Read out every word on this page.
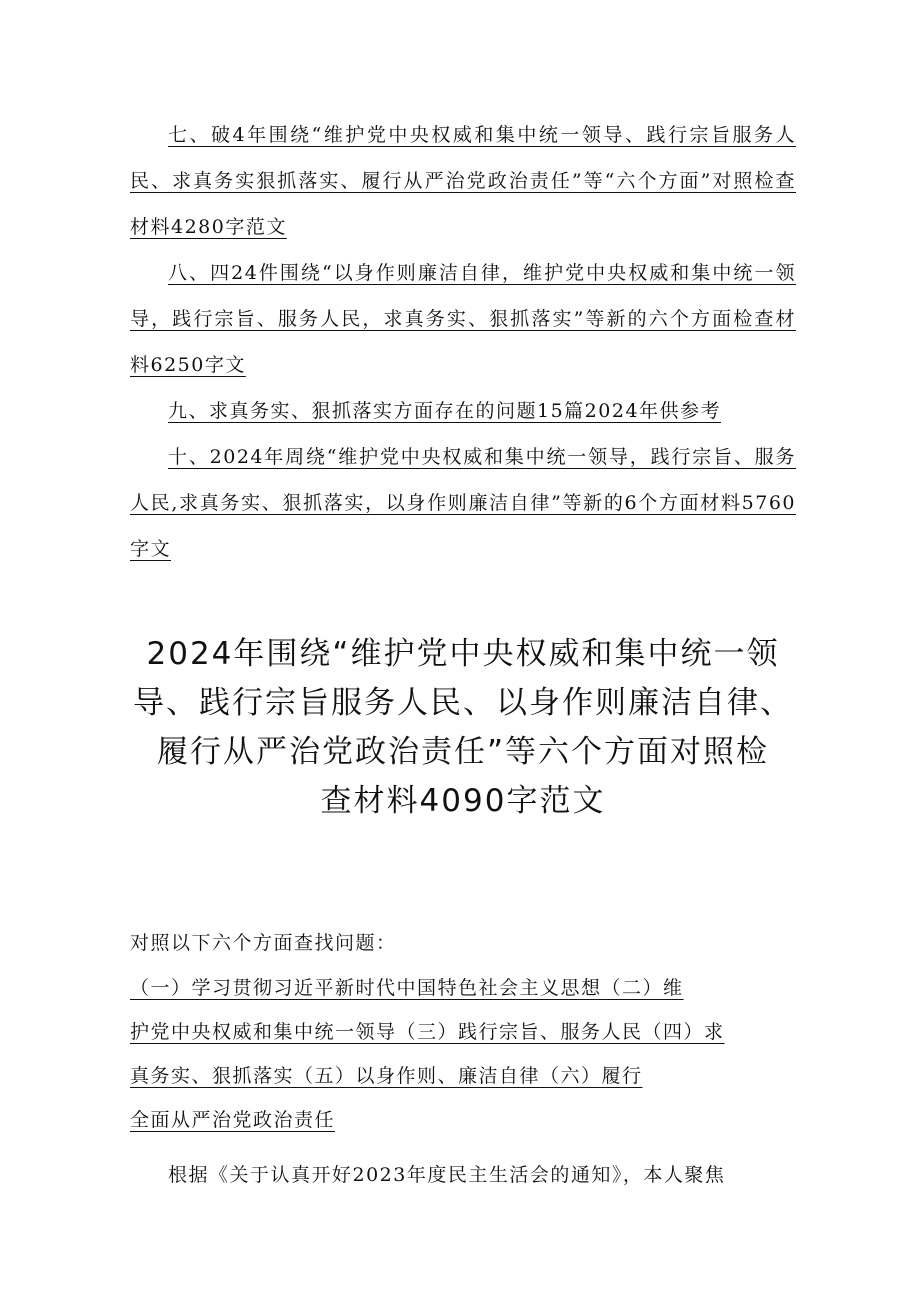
七、破4年围绕“维护党中央权威和集中统一领导、践行宗旨服务人民、求真务实狠抓落实、履行从严治党政治责任”等“六个方面”对照检查材料4280字范文

八、四24件围绕“以身作则廉洁自律，维护党中央权威和集中统一领导，践行宗旨、服务人民，求真务实、狠抓落实”等新的六个方面检查材料6250字文

九、求真务实、狠抓落实方面存在的问题15篇2024年供参考

十、2024年周绕“维护党中央权威和集中统一领导，践行宗旨、服务人民,求真务实、狠抓落实，以身作则廉洁自律”等新的6个方面材料5760字文

2024年围绕“维护党中央权威和集中统一领
导、践行宗旨服务人民、以身作则廉洁自律、
履行从严治党政治责任”等六个方面对照检
查材料4090字范文

对照以下六个方面查找问题：

（一）学习贯彻习近平新时代中国特色社会主义思想（二）维
护党中央权威和集中统一领导（三）践行宗旨、服务人民（四）求
真务实、狠抓落实（五）以身作则、廉洁自律（六）履行
全面从严治党政治责任

根据《关于认真开好2023年度民主生活会的通知》，本人聚焦
